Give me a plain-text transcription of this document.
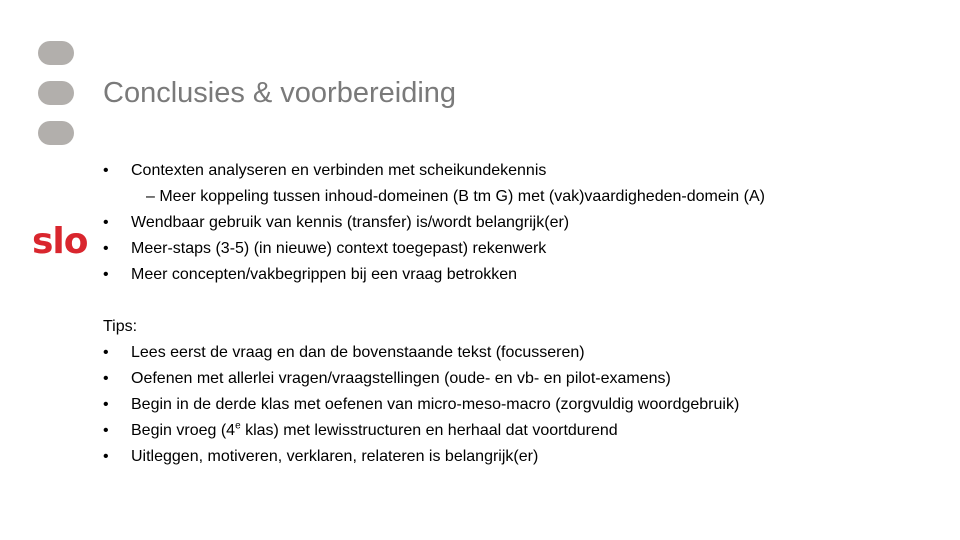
slo
Conclusies & voorbereiding
• Contexten analyseren en verbinden met scheikundekennis
– Meer koppeling tussen inhoud-domeinen (B tm G) met (vak)vaardigheden-domein (A)
• Wendbaar gebruik van kennis (transfer) is/wordt belangrijk(er)
• Meer-staps (3-5) (in nieuwe) context toegepast) rekenwerk
• Meer concepten/vakbegrippen bij een vraag betrokken
Tips:
• Lees eerst de vraag en dan de bovenstaande tekst (focusseren)
• Oefenen met allerlei vragen/vraagstellingen (oude- en vb- en pilot-examens)
• Begin in de derde klas met oefenen van micro-meso-macro (zorgvuldig woordgebruik)
• Begin vroeg (4e klas) met lewisstructuren en herhaal dat voortdurend
• Uitleggen, motiveren, verklaren, relateren is belangrijk(er)
